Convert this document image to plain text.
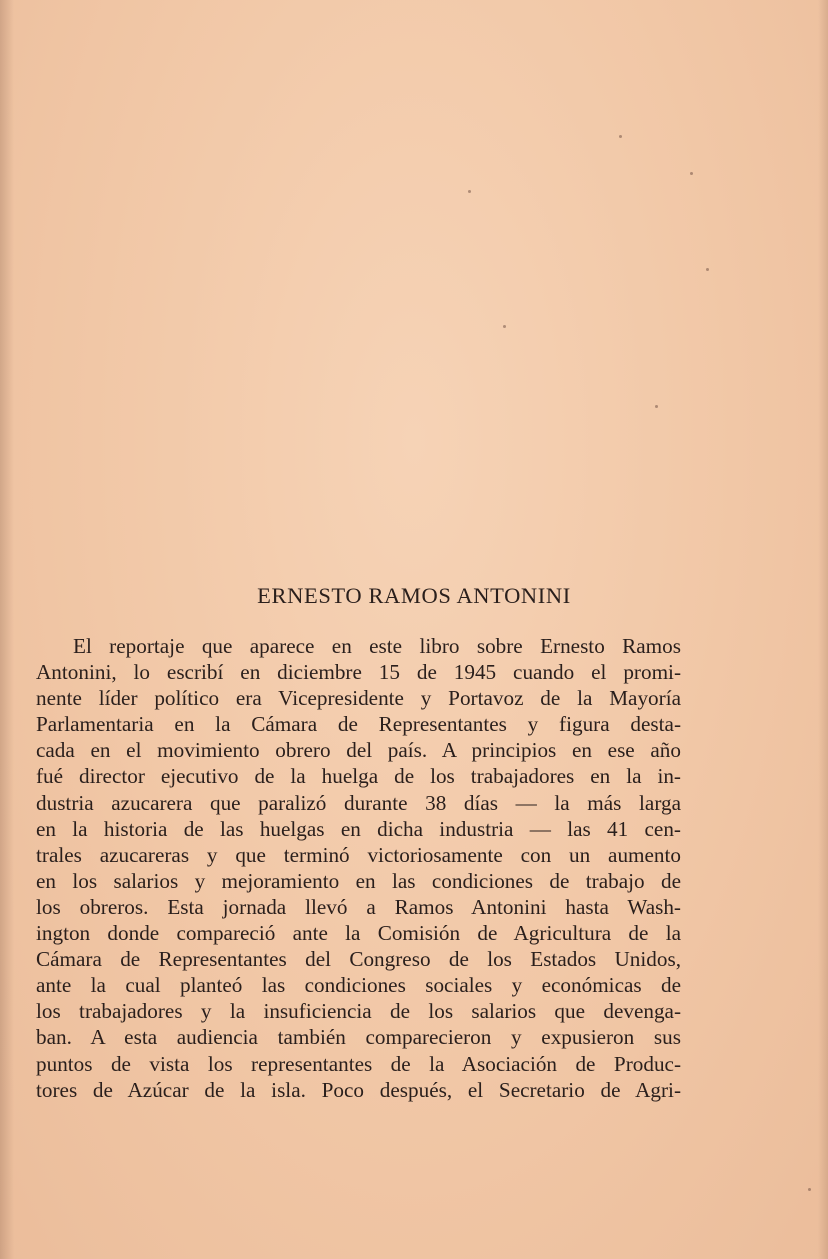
ERNESTO RAMOS ANTONINI
El reportaje que aparece en este libro sobre Ernesto Ramos
Antonini, lo escribí en diciembre 15 de 1945 cuando el promi-
nente líder político era Vicepresidente y Portavoz de la Mayoría
Parlamentaria en la Cámara de Representantes y figura desta-
cada en el movimiento obrero del país. A principios en ese año
fué director ejecutivo de la huelga de los trabajadores en la in-
dustria azucarera que paralizó durante 38 días — la más larga
en la historia de las huelgas en dicha industria — las 41 cen-
trales azucareras y que terminó victoriosamente con un aumento
en los salarios y mejoramiento en las condiciones de trabajo de
los obreros. Esta jornada llevó a Ramos Antonini hasta Wash-
ington donde compareció ante la Comisión de Agricultura de la
Cámara de Representantes del Congreso de los Estados Unidos,
ante la cual planteó las condiciones sociales y económicas de
los trabajadores y la insuficiencia de los salarios que devenga-
ban. A esta audiencia también comparecieron y expusieron sus
puntos de vista los representantes de la Asociación de Produc-
tores de Azúcar de la isla. Poco después, el Secretario de Agri-
